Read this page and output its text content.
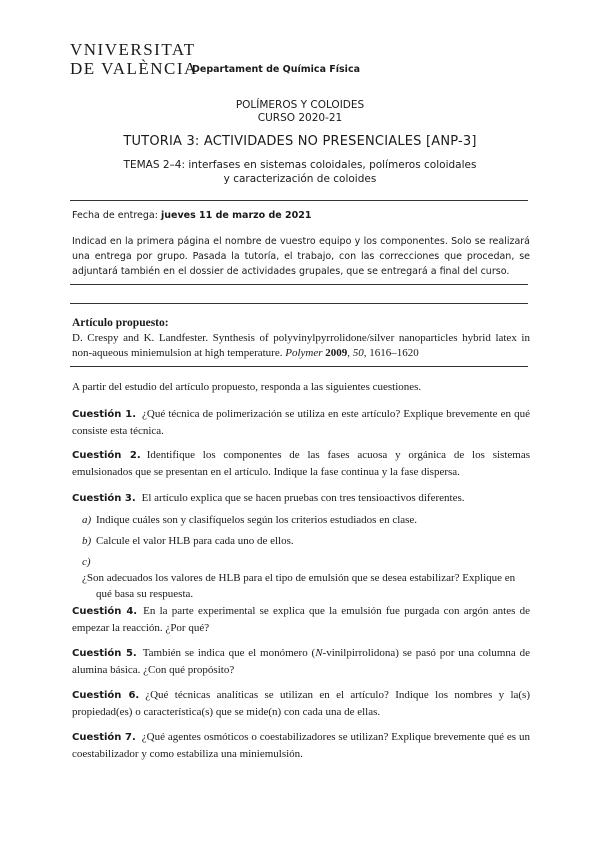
VNIVERSITAT
DE VALÈNCIA
Departament de Química Física
POLÍMEROS Y COLOIDES
CURSO 2020-21
TUTORIA 3: ACTIVIDADES NO PRESENCIALES [ANP-3]
TEMAS 2–4: interfases en sistemas coloidales, polímeros coloidales
y caracterización de coloides
Fecha de entrega: jueves 11 de marzo de 2021
Indicad en la primera página el nombre de vuestro equipo y los componentes. Solo se realizará una entrega por grupo. Pasada la tutoría, el trabajo, con las correcciones que procedan, se adjuntará también en el dossier de actividades grupales, que se entregará a final del curso.
Artículo propuesto:
D. Crespy and K. Landfester. Synthesis of polyvinylpyrrolidone/silver nanoparticles hybrid latex in non-aqueous miniemulsion at high temperature. Polymer 2009, 50, 1616–1620
A partir del estudio del artículo propuesto, responda a las siguientes cuestiones.
Cuestión 1. ¿Qué técnica de polimerización se utiliza en este artículo? Explique brevemente en qué consiste esta técnica.
Cuestión 2. Identifique los componentes de las fases acuosa y orgánica de los sistemas emulsionados que se presentan en el artículo. Indique la fase continua y la fase dispersa.
Cuestión 3. El artículo explica que se hacen pruebas con tres tensioactivos diferentes.
a) Indique cuáles son y clasifíquelos según los criterios estudiados en clase.
b) Calcule el valor HLB para cada uno de ellos.
c)¿Son adecuados los valores de HLB para el tipo de emulsión que se desea estabilizar? Explique en qué basa su respuesta.
Cuestión 4. En la parte experimental se explica que la emulsión fue purgada con argón antes de empezar la reacción. ¿Por qué?
Cuestión 5. También se indica que el monómero (N-vinilpirrolidona) se pasó por una columna de alumina básica. ¿Con qué propósito?
Cuestión 6. ¿Qué técnicas analíticas se utilizan en el artículo? Indique los nombres y la(s) propiedad(es) o característica(s) que se mide(n) con cada una de ellas.
Cuestión 7. ¿Qué agentes osmóticos o coestabilizadores se utilizan? Explique brevemente qué es un coestabilizador y como estabiliza una miniemulsión.
